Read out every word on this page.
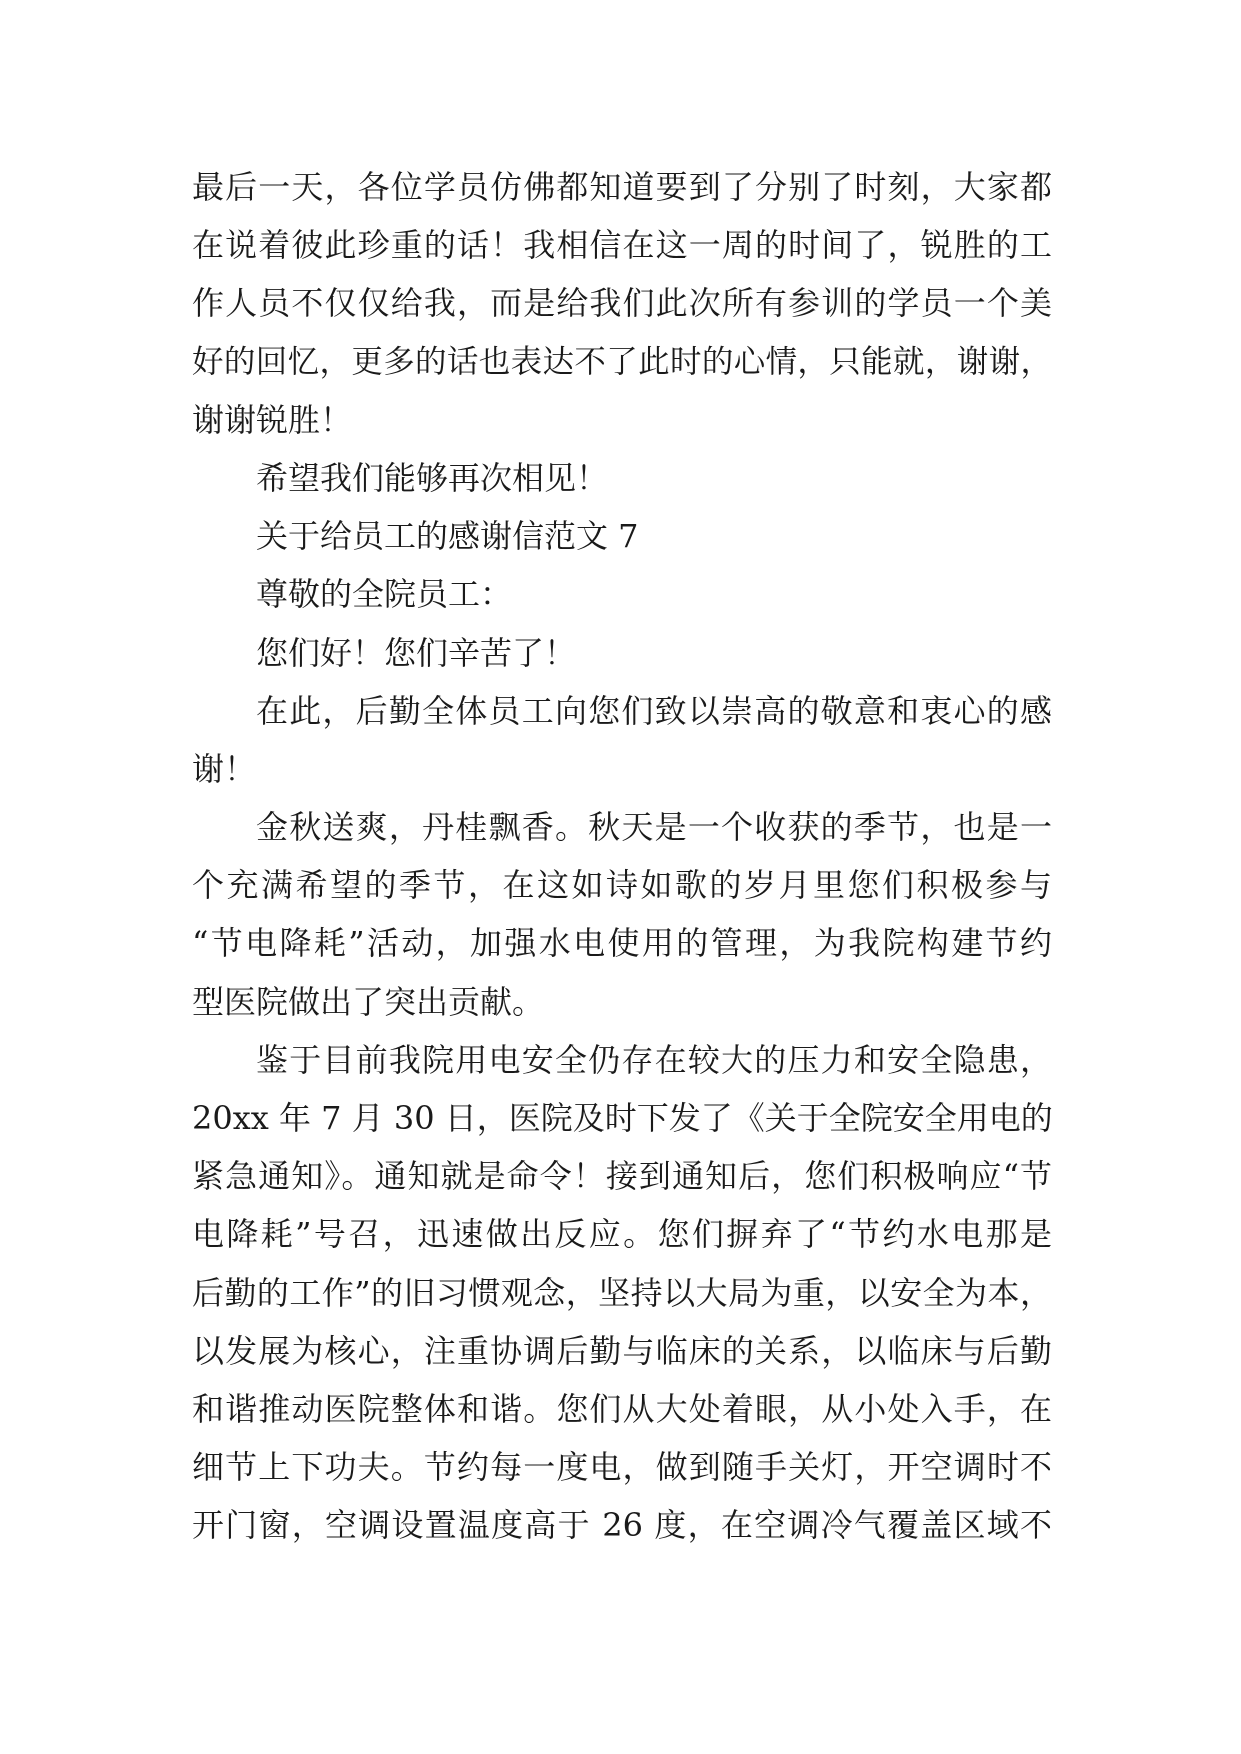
最后一天，各位学员仿佛都知道要到了分别了时刻，大家都
在说着彼此珍重的话！我相信在这一周的时间了，锐胜的工
作人员不仅仅给我，而是给我们此次所有参训的学员一个美
好的回忆，更多的话也表达不了此时的心情，只能就，谢谢，
谢谢锐胜！
希望我们能够再次相见！
关于给员工的感谢信范文 7
尊敬的全院员工：
您们好！您们辛苦了！
在此，后勤全体员工向您们致以崇高的敬意和衷心的感
谢！
金秋送爽，丹桂飘香。秋天是一个收获的季节，也是一
个充满希望的季节，在这如诗如歌的岁月里您们积极参与
“节电降耗”活动，加强水电使用的管理，为我院构建节约
型医院做出了突出贡献。
鉴于目前我院用电安全仍存在较大的压力和安全隐患，
20xx 年 7 月 30 日，医院及时下发了《关于全院安全用电的
紧急通知》。通知就是命令！接到通知后，您们积极响应“节
电降耗”号召，迅速做出反应。您们摒弃了“节约水电那是
后勤的工作”的旧习惯观念，坚持以大局为重，以安全为本，
以发展为核心，注重协调后勤与临床的关系，以临床与后勤
和谐推动医院整体和谐。您们从大处着眼，从小处入手，在
细节上下功夫。节约每一度电，做到随手关灯，开空调时不
开门窗，空调设置温度高于 26 度，在空调冷气覆盖区域不
